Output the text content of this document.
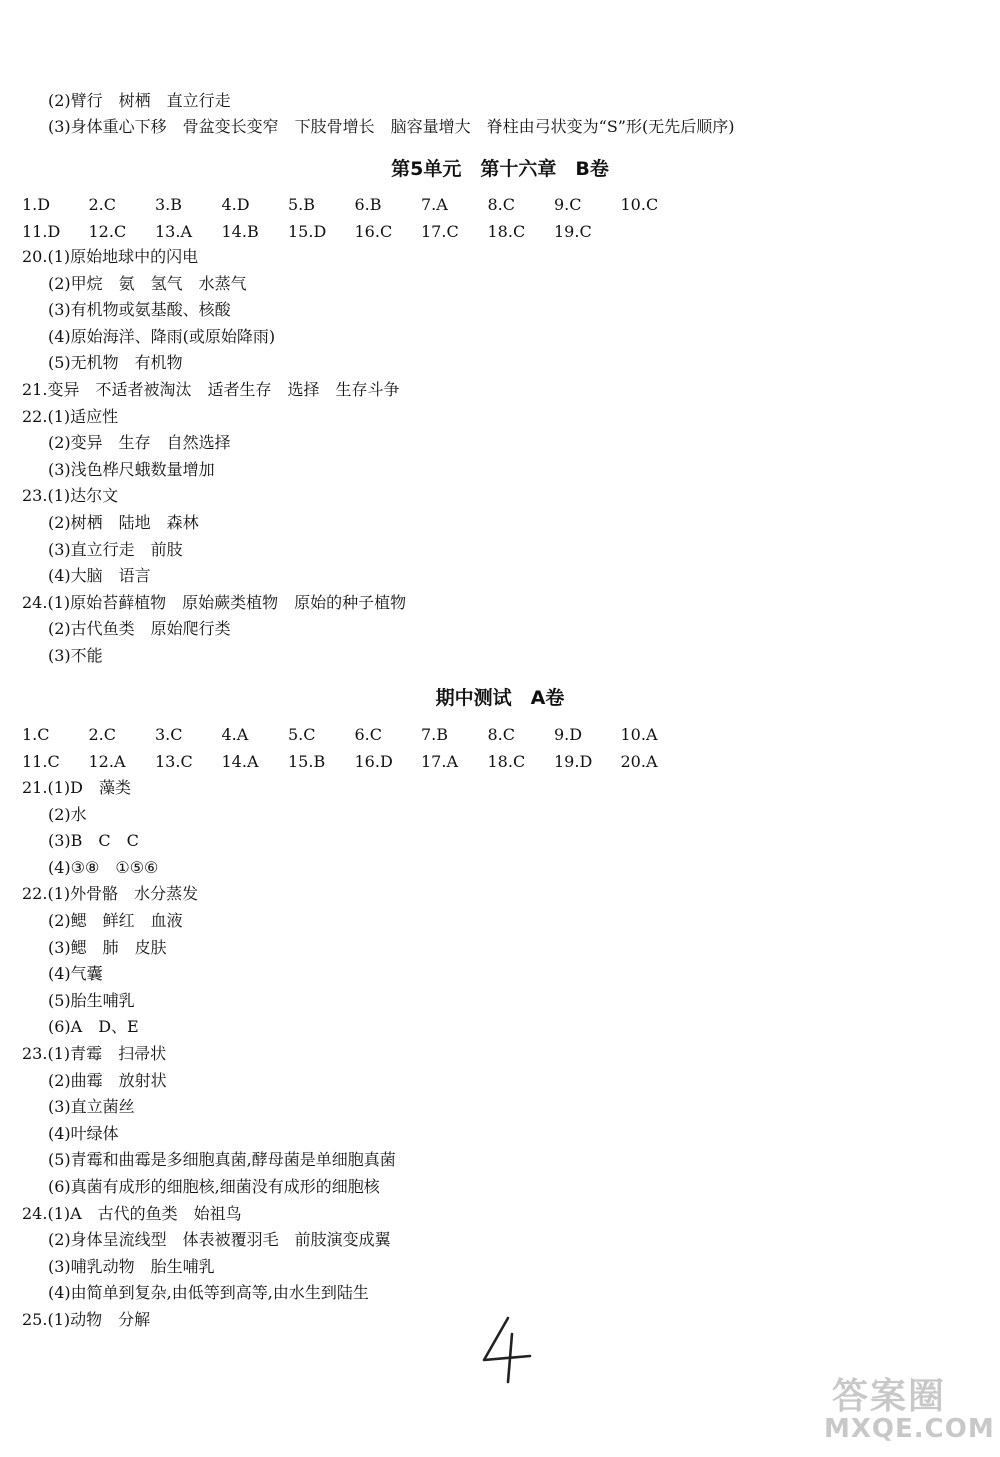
(2)臂行　树栖　直立行走
(3)身体重心下移　骨盆变长变窄　下肢骨增长　脑容量增大　脊柱由弓状变为“S”形(无先后顺序)
第5单元　第十六章　B卷
1.D 2.C 3.B 4.D 5.B 6.B 7.A 8.C 9.C 10.C
11.D 12.C 13.A 14.B 15.D 16.C 17.C 18.C 19.C
20.(1)原始地球中的闪电
(2)甲烷　氨　氢气　水蒸气
(3)有机物或氨基酸、核酸
(4)原始海洋、降雨(或原始降雨)
(5)无机物　有机物
21.变异　不适者被淘汰　适者生存　选择　生存斗争
22.(1)适应性
(2)变异　生存　自然选择
(3)浅色桦尺蛾数量增加
23.(1)达尔文
(2)树栖　陆地　森林
(3)直立行走　前肢
(4)大脑　语言
24.(1)原始苔藓植物　原始蕨类植物　原始的种子植物
(2)古代鱼类　原始爬行类
(3)不能
期中测试　A卷
1.C 2.C 3.C 4.A 5.C 6.C 7.B 8.C 9.D 10.A
11.C 12.A 13.C 14.A 15.B 16.D 17.A 18.C 19.D 20.A
21.(1)D　藻类
(2)水
(3)B　C　C
(4)③⑧　①⑤⑥
22.(1)外骨骼　水分蒸发
(2)鳃　鲜红　血液
(3)鳃　肺　皮肤
(4)气囊
(5)胎生哺乳
(6)A　D、E
23.(1)青霉　扫帚状
(2)曲霉　放射状
(3)直立菌丝
(4)叶绿体
(5)青霉和曲霉是多细胞真菌,酵母菌是单细胞真菌
(6)真菌有成形的细胞核,细菌没有成形的细胞核
24.(1)A　古代的鱼类　始祖鸟
(2)身体呈流线型　体表被覆羽毛　前肢演变成翼
(3)哺乳动物　胎生哺乳
(4)由简单到复杂,由低等到高等,由水生到陆生
25.(1)动物　分解
答案圈
MXQE.COM
